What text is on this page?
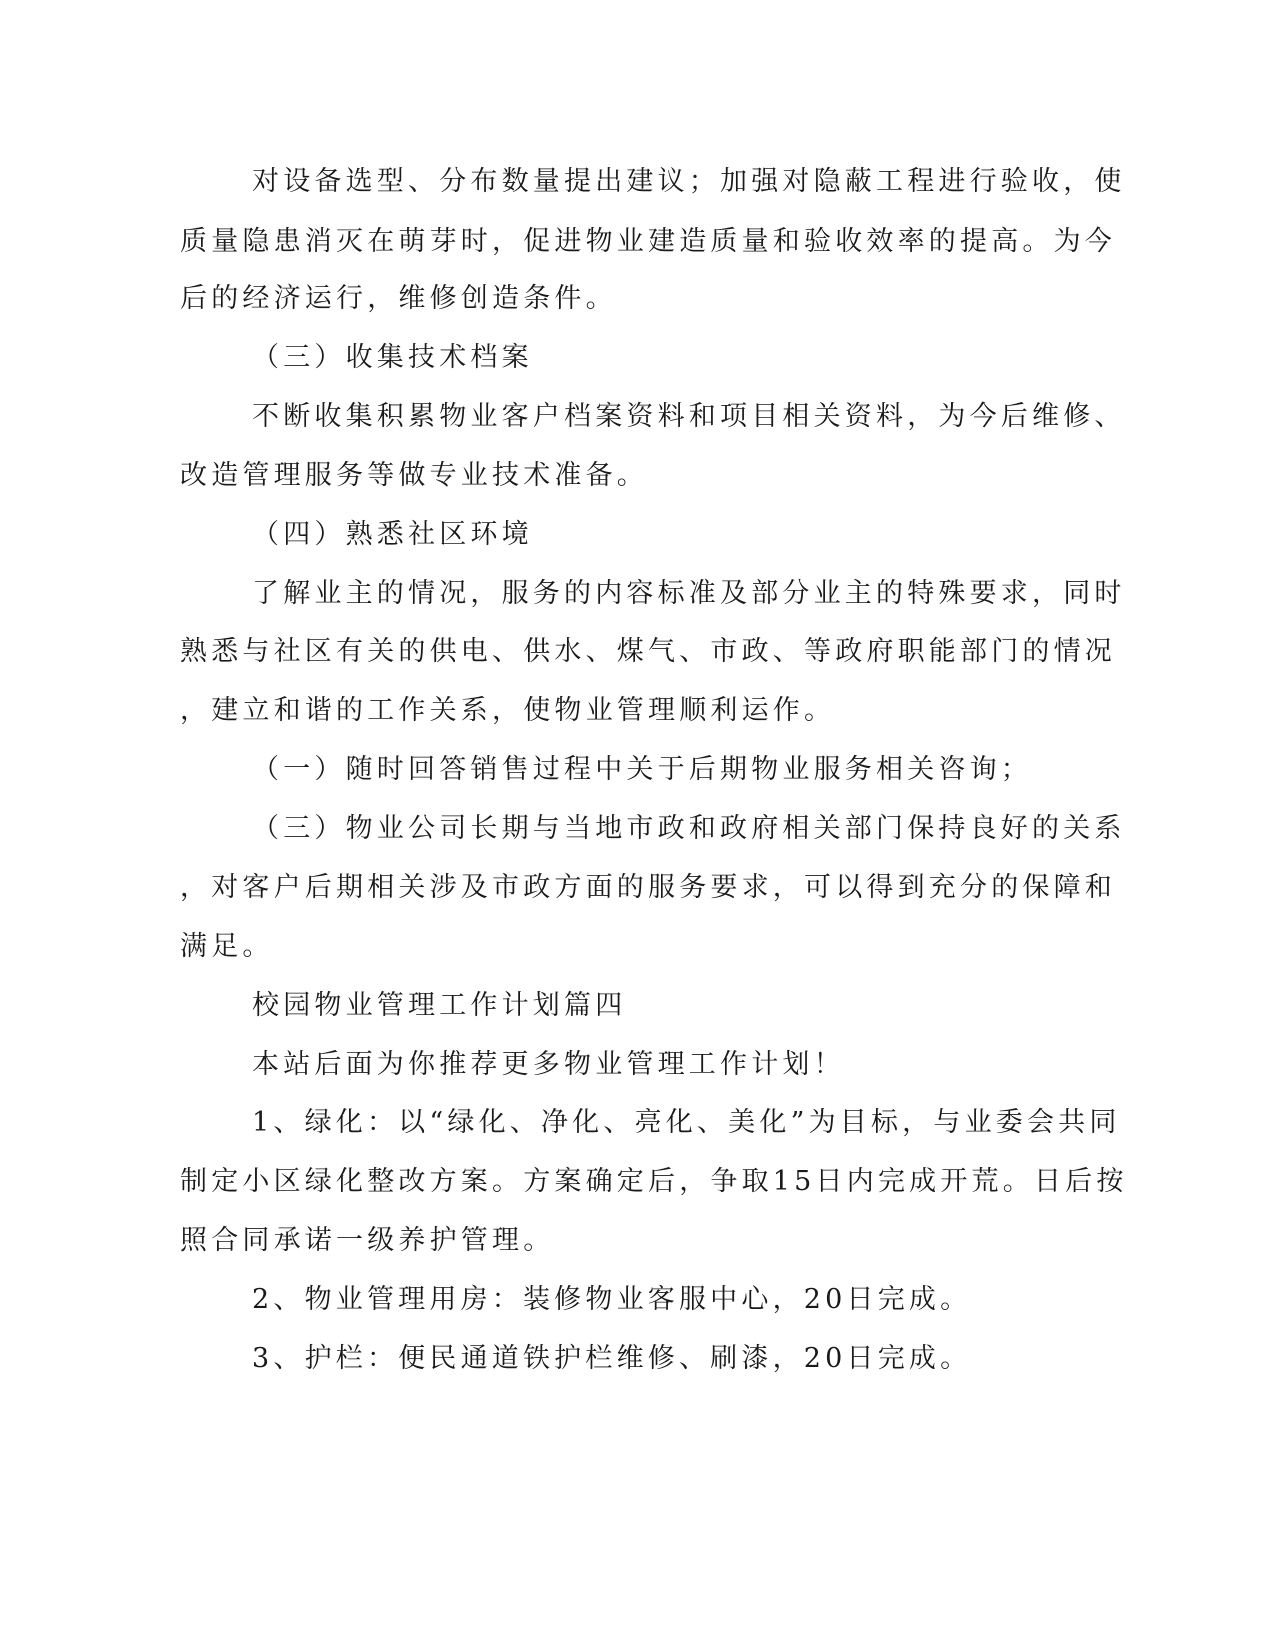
对设备选型、分布数量提出建议；加强对隐蔽工程进行验收，使

质量隐患消灭在萌芽时，促进物业建造质量和验收效率的提高。为今

后的经济运行，维修创造条件。

（三）收集技术档案

不断收集积累物业客户档案资料和项目相关资料，为今后维修、

改造管理服务等做专业技术准备。

（四）熟悉社区环境

了解业主的情况，服务的内容标准及部分业主的特殊要求，同时

熟悉与社区有关的供电、供水、煤气、市政、等政府职能部门的情况

，建立和谐的工作关系，使物业管理顺利运作。

（一）随时回答销售过程中关于后期物业服务相关咨询；

（三）物业公司长期与当地市政和政府相关部门保持良好的关系

，对客户后期相关涉及市政方面的服务要求，可以得到充分的保障和

满足。

校园物业管理工作计划篇四

本站后面为你推荐更多物业管理工作计划！

1、绿化：以“绿化、净化、亮化、美化”为目标，与业委会共同

制定小区绿化整改方案。方案确定后，争取15日内完成开荒。日后按

照合同承诺一级养护管理。

2、物业管理用房：装修物业客服中心，20日完成。

3、护栏：便民通道铁护栏维修、刷漆，20日完成。
